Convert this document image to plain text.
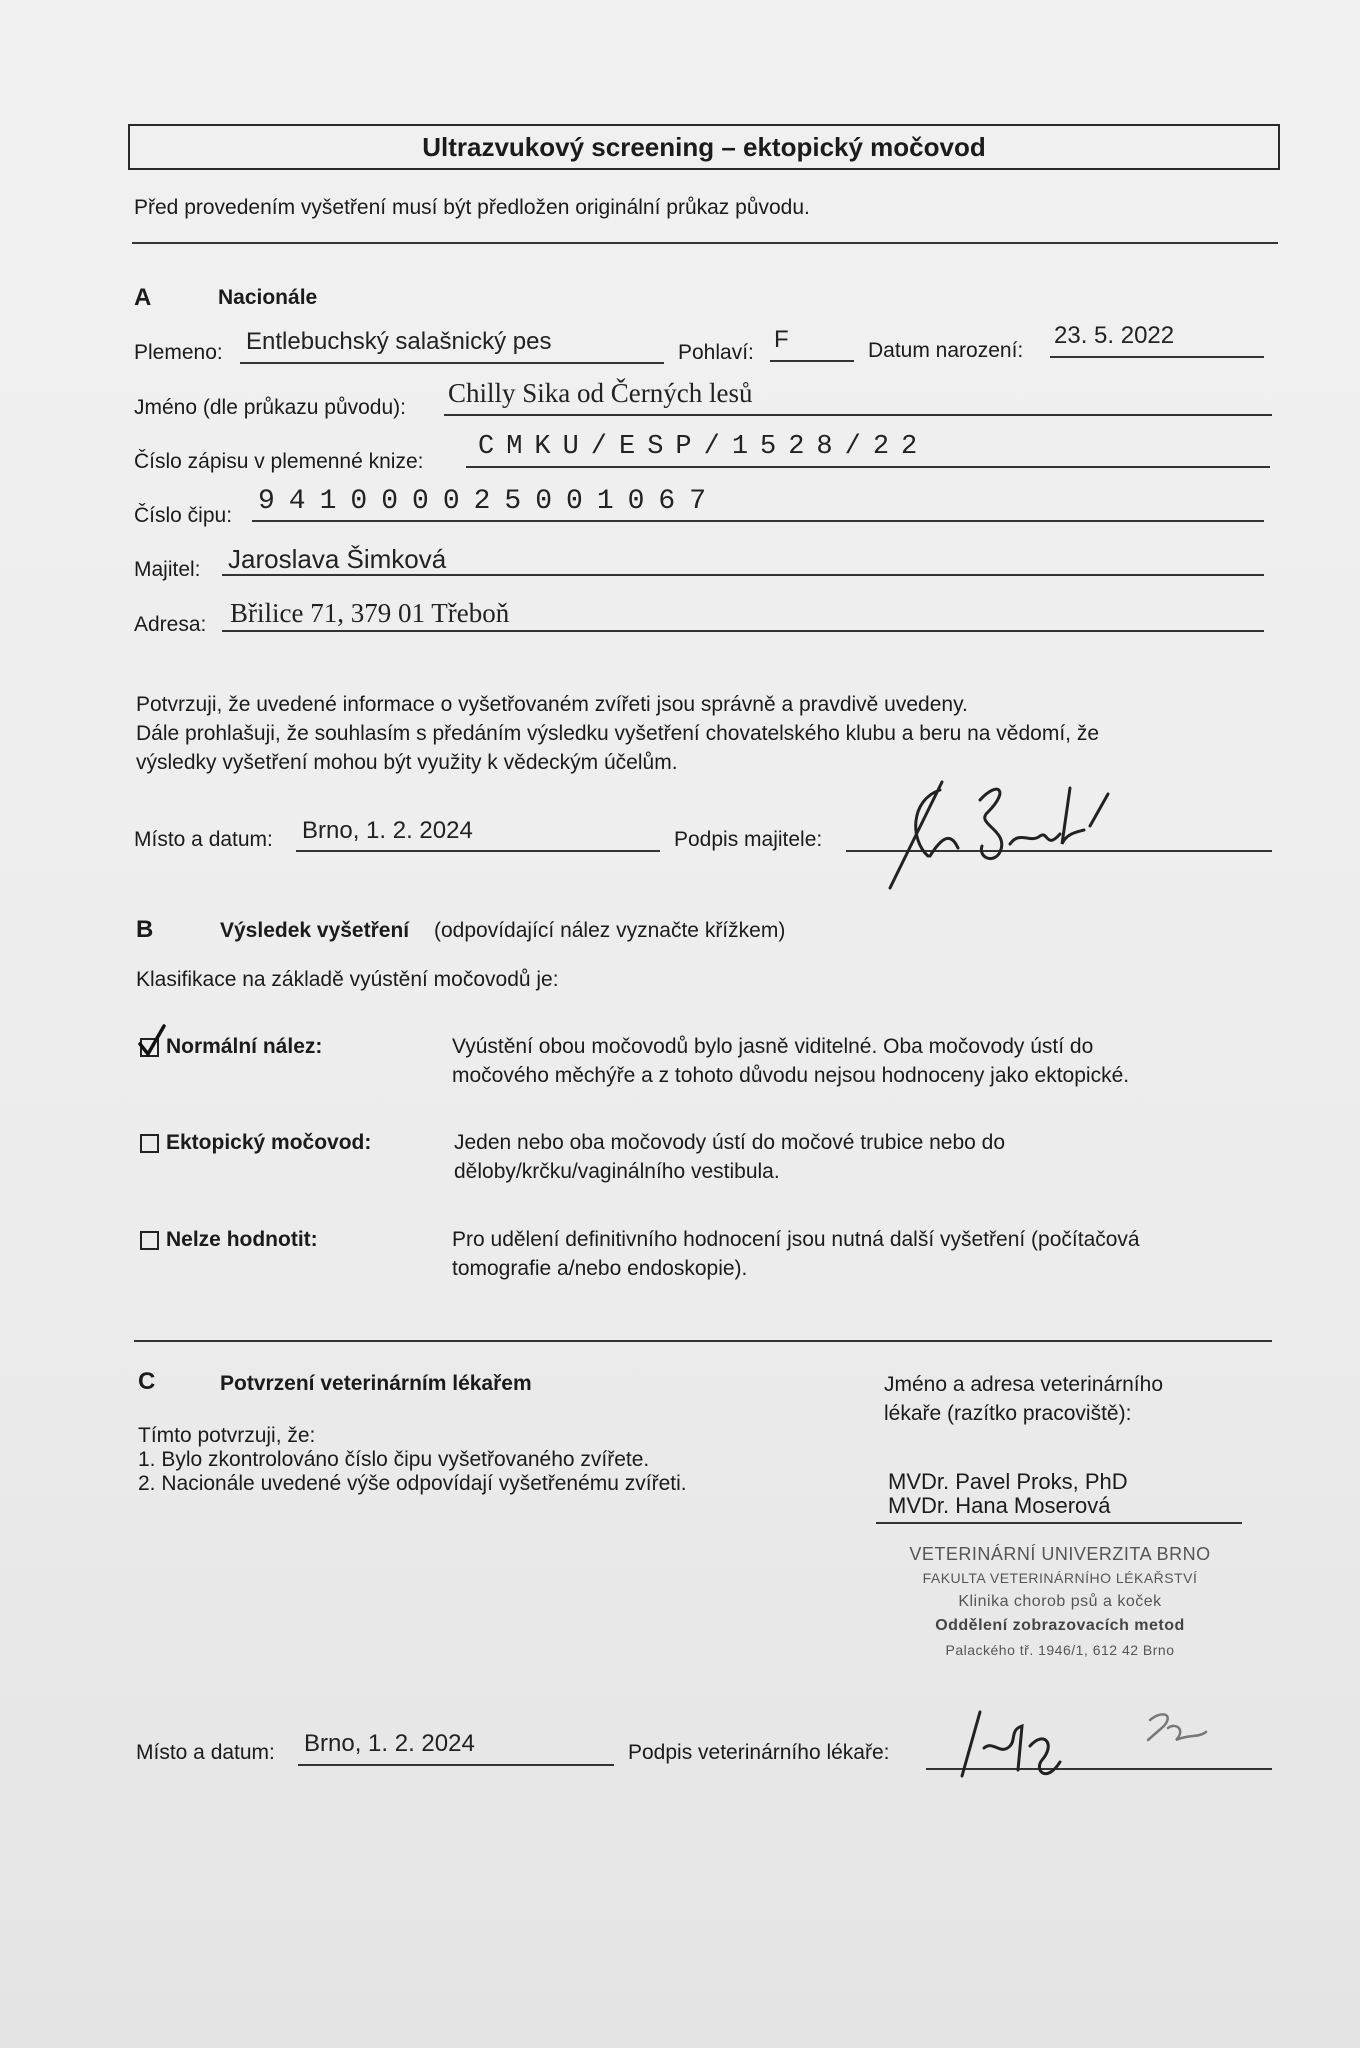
Ultrazvukový screening – ektopický močovod
Před provedením vyšetření musí být předložen originální průkaz původu.
A	Nacionále
Plemeno: Entlebuchský salašnický pes	Pohlaví: F	Datum narození:
23. 5. 2022
Jméno (dle průkazu původu): Chilly Sika od Černých lesů
Číslo zápisu v plemenné knize: CMKU/ESP/1528/22
Číslo čipu: 941000025001067
Majitel: Jaroslava Šimková
Adresa: Břilice 71, 379 01 Třeboň
Potvrzuji, že uvedené informace o vyšetřovaném zvířeti jsou správně a pravdivě uvedeny.
Dále prohlašuji, že souhlasím s předáním výsledku vyšetření chovatelského klubu a beru na vědomí, že
výsledky vyšetření mohou být využity k vědeckým účelům.
Místo a datum: Brno, 1. 2. 2024	Podpis majitele:
B	Výsledek vyšetření (odpovídající nález vyznačte křížkem)
Klasifikace na základě vyústění močovodů je:
Normální nález:	Vyústění obou močovodů bylo jasně viditelné. Oba močovody ústí do
močového měchýře a z tohoto důvodu nejsou hodnoceny jako ektopické.
Ektopický močovod:	Jeden nebo oba močovody ústí do močové trubice nebo do
děloby/krčku/vaginálního vestibula.
Nelze hodnotit:	Pro udělení definitivního hodnocení jsou nutná další vyšetření (počítačová
tomografie a/nebo endoskopie).
C	Potvrzení veterinárním lékařem
Tímto potvrzuji, že:
1. Bylo zkontrolováno číslo čipu vyšetřovaného zvířete.
2. Nacionále uvedené výše odpovídají vyšetřenému zvířeti.
Jméno a adresa veterinárního
lékaře (razítko pracoviště):
MVDr. Pavel Proks, PhD
MVDr. Hana Moserová
VETERINÁRNÍ UNIVERZITA BRNO
FAKULTA VETERINÁRNÍHO LÉKAŘSTVÍ
Klinika chorob psů a koček
Oddělení zobrazovacích metod
Palackého tř. 1946/1, 612 42 Brno
Místo a datum: Brno, 1. 2. 2024	Podpis veterinárního lékaře:
